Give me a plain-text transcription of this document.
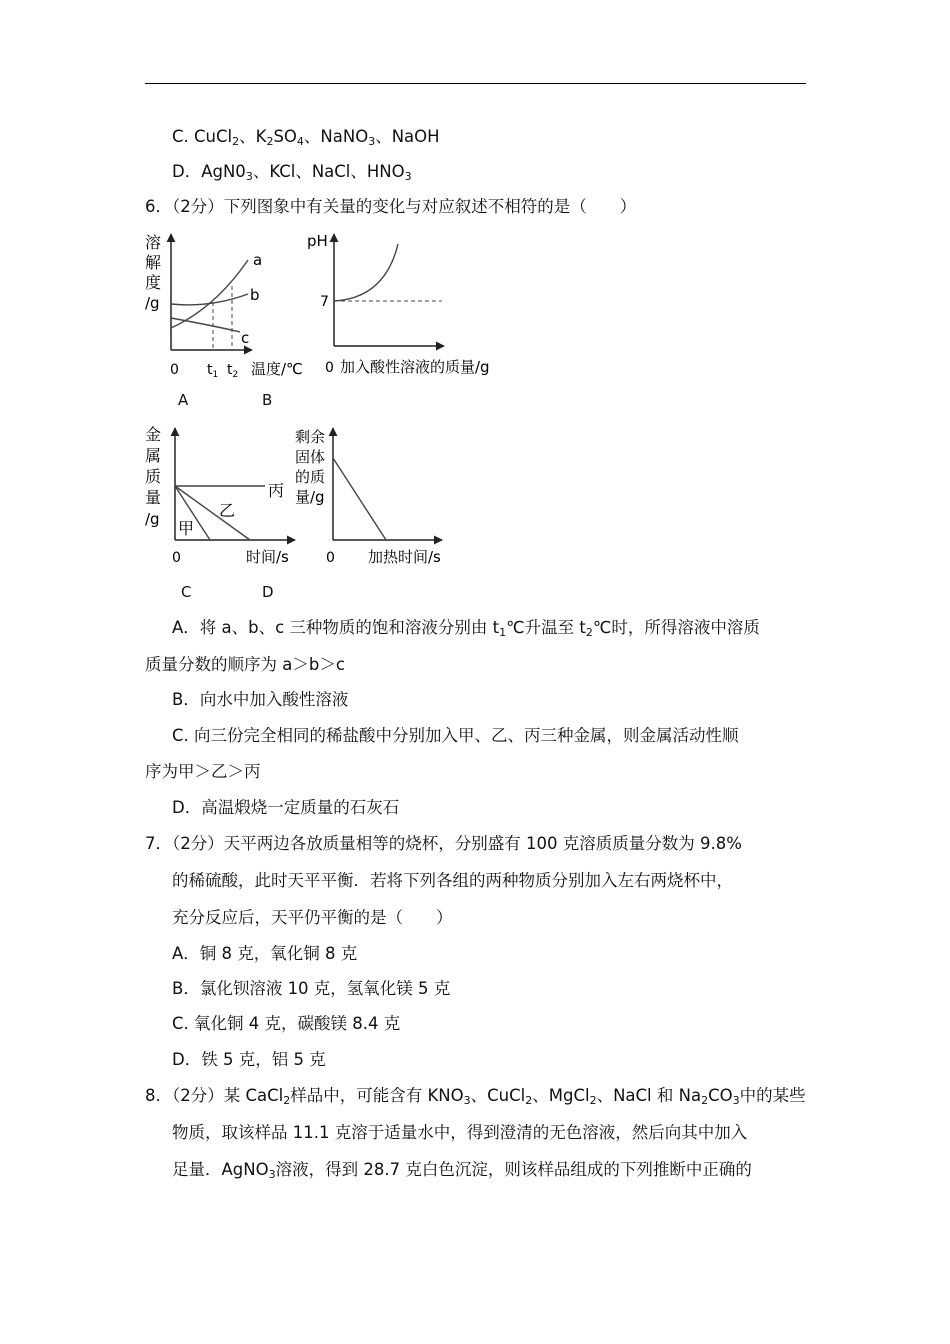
C. CuCl$_2$、$K_2SO_4$、NaNO$_3$、NaOH
D．$AgN0_3$、KCl、NaCl、$HNO_3$
6．（2分）下列图象中有关量的变化与对应叙述不相符的是（　　）
溶
解
度
/g
a
b
c
0 $t_1$ $t_2$ 温度/℃
A
pH
7
0 加入酸性溶液的质量/g
B
金
属
质
量
/g
丙
乙
甲
0	时间/s
C
剩余
固体
的质
量/g
0 加热时间/s
D
A．将 a、b、c 三种物质的饱和溶液分别由 $t_1℃$升温至 $t_2℃$时，所得溶液中溶质
质量分数的顺序为 a＞b＞c
B．向水中加入酸性溶液
C. 向三份完全相同的稀盐酸中分别加入甲、乙、丙三种金属，则金属活动性顺
序为甲＞乙＞丙
D．高温煅烧一定质量的石灰石
7．（2分）天平两边各放质量相等的烧杯，分别盛有 100 克溶质质量分数为 9.8%
的稀硫酸，此时天平平衡．若将下列各组的两种物质分别加入左右两烧杯中，
充分反应后，天平仍平衡的是（　　）
A．铜 8 克，氧化铜 8 克
B．氯化钡溶液 10 克，氢氧化镁 5 克
C. 氧化铜 4 克，碳酸镁 8.4 克
D．铁 5 克，铝 5 克
8．（2分）某 CaCl$_2$样品中，可能含有 $KNO_3$、CuCl$_2$、MgCl$_2$、NaCl 和 $Na_2CO_3$中的某些
物质，取该样品 11.1 克溶于适量水中，得到澄清的无色溶液，然后向其中加入
足量．AgNO$_3$溶液，得到 28.7 克白色沉淀，则该样品组成的下列推断中正确的
